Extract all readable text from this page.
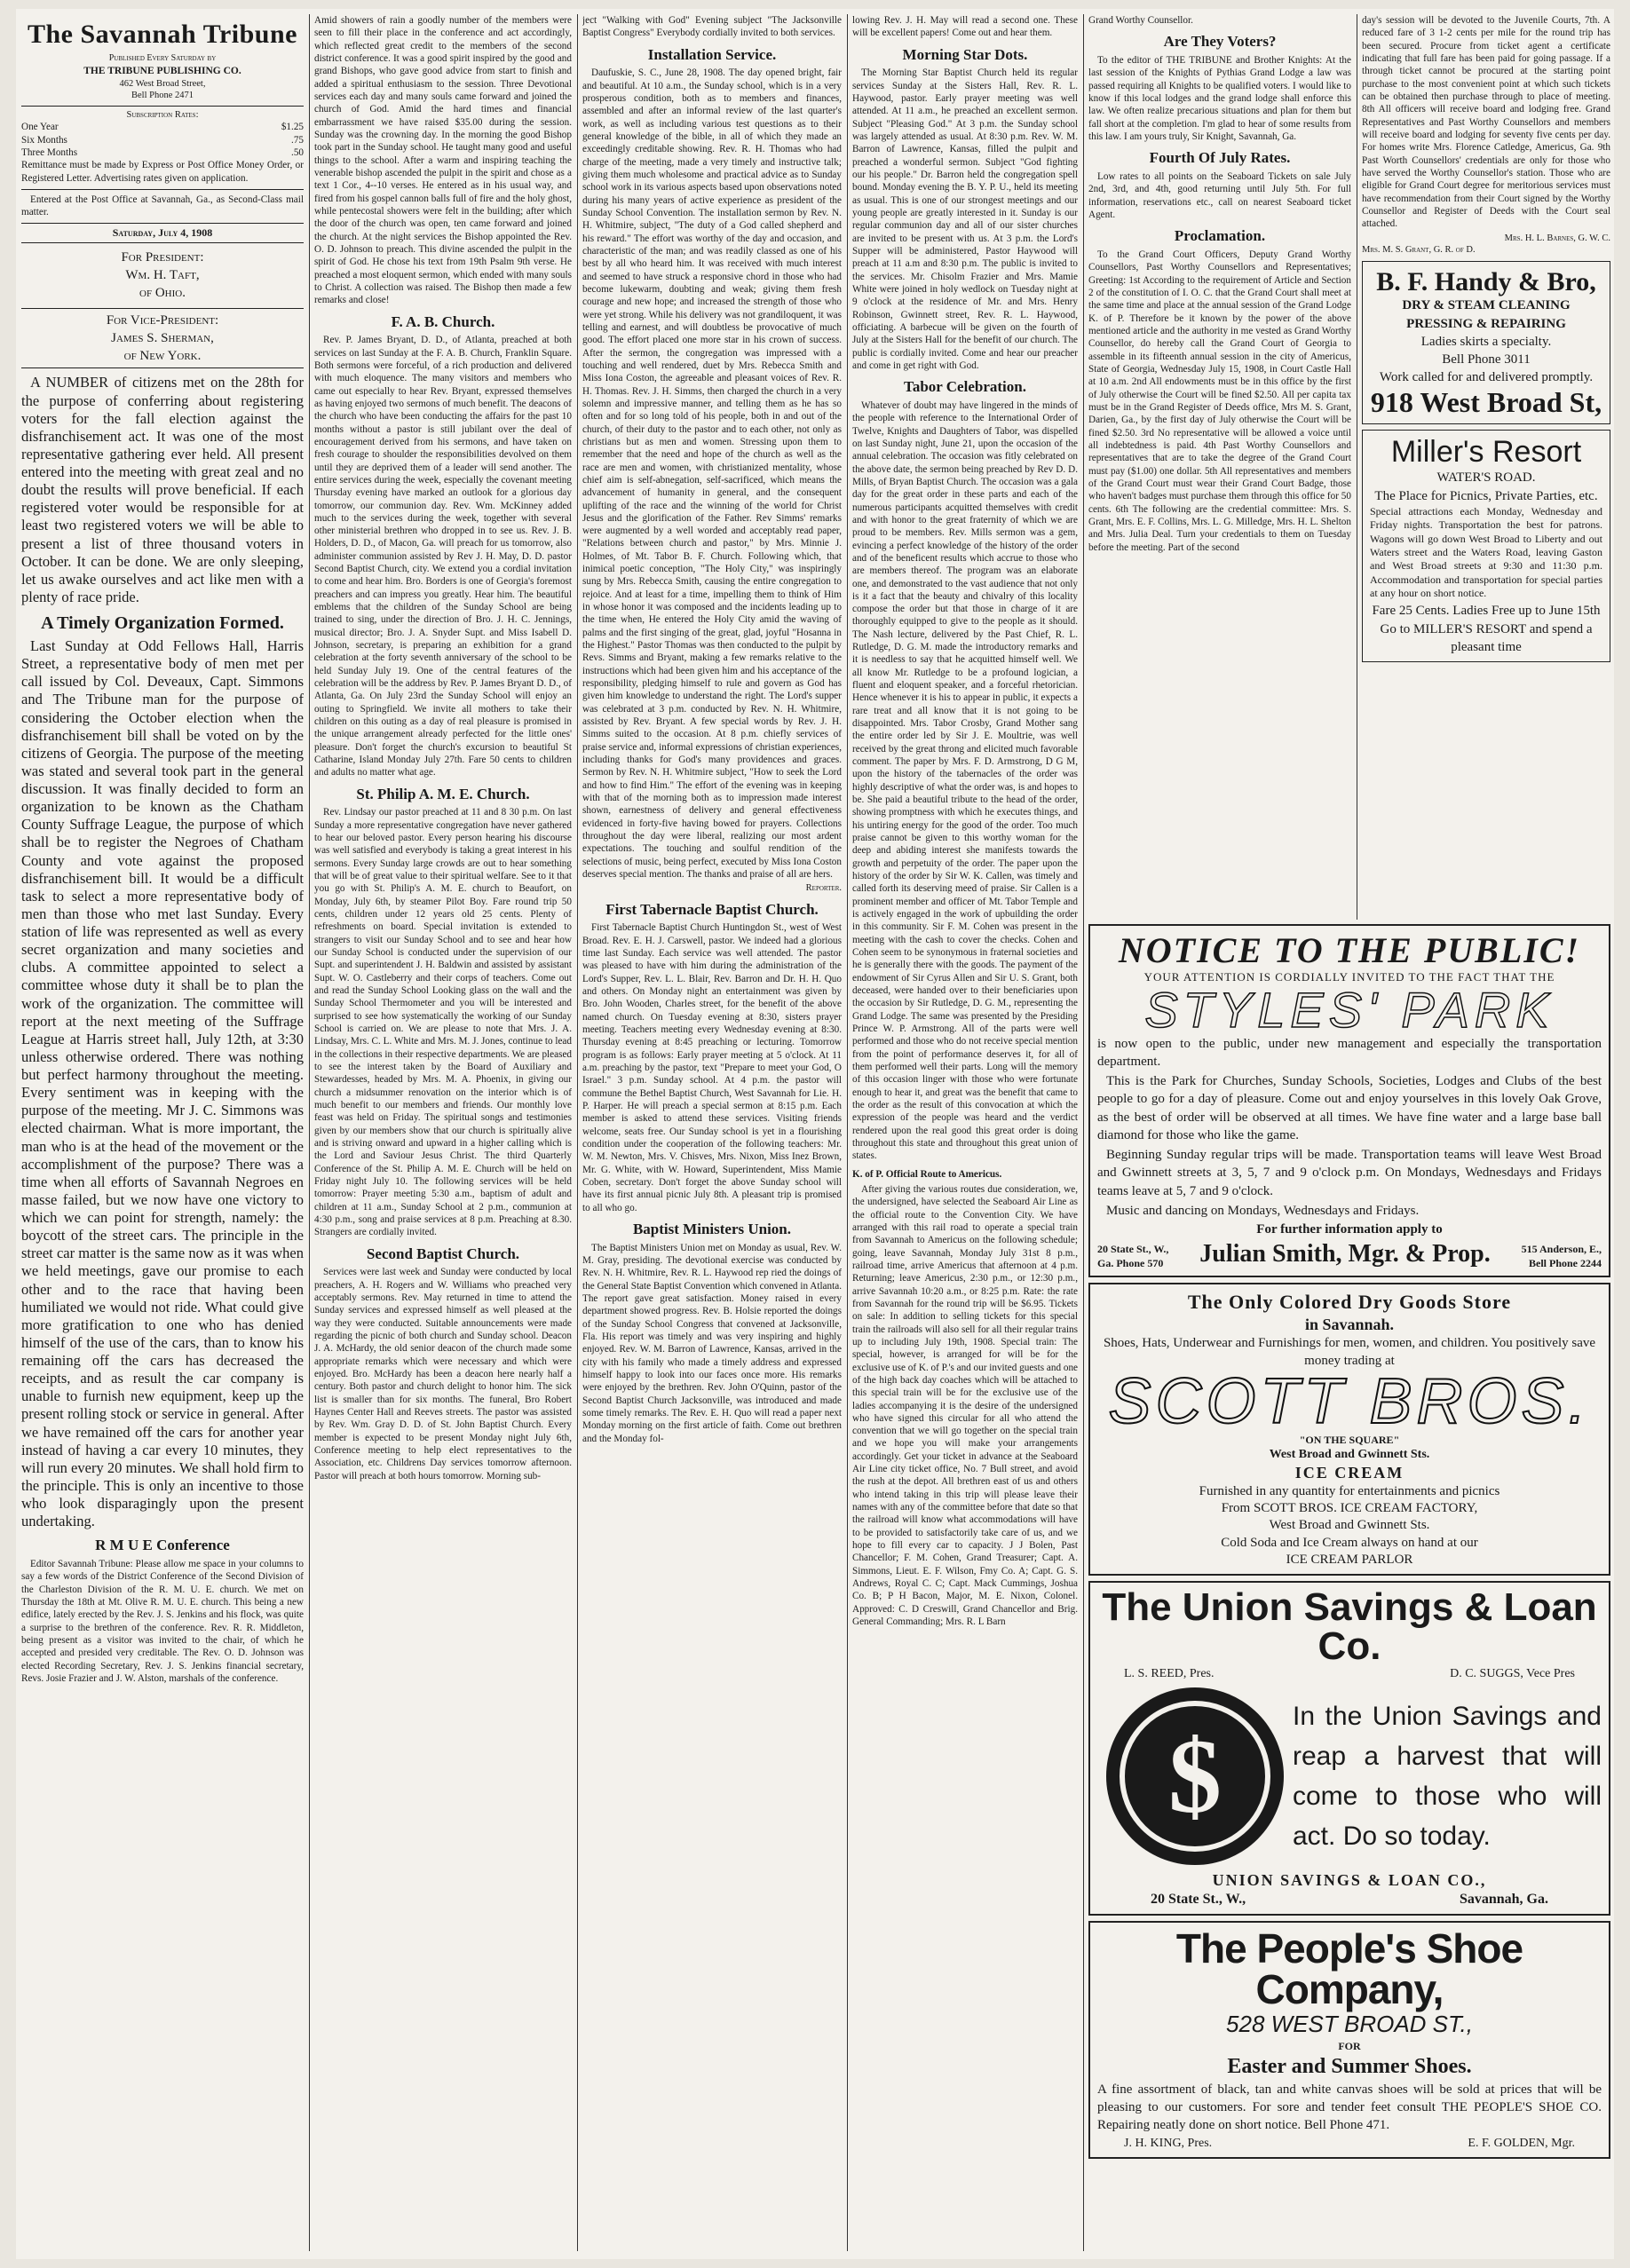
The Savannah Tribune
Published Every Saturday by
THE TRIBUNE PUBLISHING CO.
462 West Broad Street,
Bell Phone 2471
Subscription Rates:
One Year	$1.25
Six Months	.75
Three Months	.50

Remittance must be made by Express or Post Office Money Order, or Registered Letter. Advertising rates given on application.

Entered at the Post Office at Savannah, Ga., as Second-Class mail matter.

Saturday, July 4, 1908
For President:
Wm. H. Taft,
of Ohio.
For Vice-President:
James S. Sherman,
of New York.

A NUMBER of citizens met on the 28th for the purpose of conferring about registering voters for the fall election against the disfranchisement act. It was one of the most representative gathering ever held. All present entered into the meeting with great zeal and no doubt the results will prove beneficial. If each registered voter would be responsible for at least two registered voters we will be able to present a list of three thousand voters in October. It can be done. We are only sleeping, let us awake ourselves and act like men with a plenty of race pride.

A Timely Organization Formed.

Last Sunday at Odd Fellows Hall, Harris Street, a representative body of men met per call issued by Col. Deveaux, Capt. Simmons and The Tribune man for the purpose of considering the October election when the disfranchisement bill shall be voted on by the citizens of Georgia. The purpose of the meeting was stated and several took part in the general discussion. It was finally decided to form an organization to be known as the Chatham County Suffrage League, the purpose of which shall be to register the Negroes of Chatham County and vote against the proposed disfranchisement bill. It would be a difficult task to select a more representative body of men than those who met last Sunday. Every station of life was represented as well as every secret organization and many societies and clubs. A committee appointed to select a committee whose duty it shall be to plan the work of the organization. The committee will report at the next meeting of the Suffrage League at Harris street hall, July 12th, at 3:30 unless otherwise ordered. There was nothing but perfect harmony throughout the meeting. Every sentiment was in keeping with the purpose of the meeting. Mr J. C. Simmons was elected chairman. What is more important, the man who is at the head of the movement or the accomplishment of the purpose? There was a time when all efforts of Savannah Negroes en masse failed, but we now have one victory to which we can point for strength, namely: the boycott of the street cars. The principle in the street car matter is the same now as it was when we held meetings, gave our promise to each other and to the race that having been humiliated we would not ride. What could give more gratification to one who has denied himself of the use of the cars, than to know his remaining off the cars has decreased the receipts, and as result the car company is unable to furnish new equipment, keep up the present rolling stock or service in general. After we have remained off the cars for another year instead of having a car every 10 minutes, they will run every 20 minutes. We shall hold firm to the principle. This is only an incentive to those who look disparagingly upon the present undertaking.

R M U E Conference

Editor Savannah Tribune: Please allow me space in your columns to say a few words of the District Conference of the Second Division of the Charleston Division of the R. M. U. E. church. We met on Thursday the 18th at Mt. Olive R. M. U. E. church. This being a new edifice, lately erected by the Rev. J. S. Jenkins and his flock, was quite a surprise to the brethren of the conference. Rev. R. R. Middleton, being present as a visitor was invited to the chair, of which he accepted and presided very creditable. The Rev. O. D. Johnson was elected Recording Secretary, Rev. J. S. Jenkins financial secretary, Revs. Josie Frazier and J. W. Alston, marshals of the conference.

Amid showers of rain a goodly number of the members were seen to fill their place in the conference and act accordingly, which reflected great credit to the members of the second district conference. It was a good spirit inspired by the good and grand Bishops, who gave good advice from start to finish and added a spiritual enthusiasm to the session. Three Devotional services each day and many souls came forward and joined the church of God. Amid the hard times and financial embarrassment we have raised $35.00 during the session. Sunday was the crowning day. In the morning the good Bishop took part in the Sunday school. He taught many good and useful things to the school. After a warm and inspiring teaching the venerable bishop ascended the pulpit in the spirit and chose as a text 1 Cor., 4--10 verses. He entered as in his usual way, and fired from his gospel cannon balls full of fire and the holy ghost, while pentecostal showers were felt in the building; after which the door of the church was open, ten came forward and joined the church. At the night services the Bishop appointed the Rev. O. D. Johnson to preach. This divine ascended the pulpit in the spirit of God. He chose his text from 19th Psalm 9th verse. He preached a most eloquent sermon, which ended with many souls to Christ. A collection was raised. The Bishop then made a few remarks and close!

F. A. B. Church.

Rev. P. James Bryant, D. D., of Atlanta, preached at both services on last Sunday at the F. A. B. Church, Franklin Square. Both sermons were forceful, of a rich production and delivered with much eloquence. The many visitors and members who came out especially to hear Rev. Bryant, expressed themselves as having enjoyed two sermons of much benefit. The deacons of the church who have been conducting the affairs for the past 10 months without a pastor is still jubilant over the deal of encouragement derived from his sermons, and have taken on fresh courage to shoulder the responsibilities devolved on them until they are deprived them of a leader will send another. The entire services during the week, especially the covenant meeting Thursday evening have marked an outlook for a glorious day tomorrow, our communion day. Rev. Wm. McKinney added much to the services during the week, together with several other ministerial brethren who dropped in to see us. Rev. J. B. Holders, D. D., of Macon, Ga. will preach for us tomorrow, also administer communion assisted by Rev J. H. May, D. D. pastor Second Baptist Church, city. We extend you a cordial invitation to come and hear him. Bro. Borders is one of Georgia's foremost preachers and can impress you greatly. Hear him. The beautiful emblems that the children of the Sunday School are being trained to sing, under the direction of Bro. J. H. C. Jennings, musical director; Bro. J. A. Snyder Supt. and Miss Isabell D. Johnson, secretary, is preparing an exhibition for a grand celebration at the forty seventh anniversary of the school to be held Sunday July 19. One of the central features of the celebration will be the address by Rev. P. James Bryant D. D., of Atlanta, Ga. On July 23rd the Sunday School will enjoy an outing to Springfield. We invite all mothers to take their children on this outing as a day of real pleasure is promised in the unique arrangement already perfected for the little ones' pleasure. Don't forget the church's excursion to beautiful St Catharine, Island Monday July 27th. Fare 50 cents to children and adults no matter what age.

St. Philip A. M. E. Church.

Rev. Lindsay our pastor preached at 11 and 8 30 p.m. On last Sunday a more representative congregation have never gathered to hear our beloved pastor. Every person hearing his discourse was well satisfied and everybody is taking a great interest in his sermons. Every Sunday large crowds are out to hear something that will be of great value to their spiritual welfare. See to it that you go with St. Philip's A. M. E. church to Beaufort, on Monday, July 6th, by steamer Pilot Boy. Fare round trip 50 cents, children under 12 years old 25 cents. Plenty of refreshments on board. Special invitation is extended to strangers to visit our Sunday School and to see and hear how our Sunday School is conducted under the supervision of our Supt. and superintendent J. H. Baldwin and assisted by assistant Supt. W. O. Castleberry and their corps of teachers. Come out and read the Sunday School Looking glass on the wall and the Sunday School Thermometer and you will be interested and surprised to see how systematically the working of our Sunday School is carried on. We are please to note that Mrs. J. A. Lindsay, Mrs. C. L. White and Mrs. M. J. Jones, continue to lead in the collections in their respective departments. We are pleased to see the interest taken by the Board of Auxiliary and Stewardesses, headed by Mrs. M. A. Phoenix, in giving our church a midsummer renovation on the interior which is of much benefit to our members and friends. Our monthly love feast was held on Friday. The spiritual songs and testimonies given by our members show that our church is spiritually alive and is striving onward and upward in a higher calling which is the Lord and Saviour Jesus Christ. The third Quarterly Conference of the St. Philip A. M. E. Church will be held on Friday night July 10. The following services will be held tomorrow: Prayer meeting 5:30 a.m., baptism of adult and children at 11 a.m., Sunday School at 2 p.m., communion at 4:30 p.m., song and praise services at 8 p.m. Preaching at 8.30. Strangers are cordially invited.

Second Baptist Church.

Services were last week and Sunday were conducted by local preachers, A. H. Rogers and W. Williams who preached very acceptably sermons. Rev. May returned in time to attend the Sunday services and expressed himself as well pleased at the way they were conducted. Suitable announcements were made regarding the picnic of both church and Sunday school. Deacon J. A. McHardy, the old senior deacon of the church made some appropriate remarks which were necessary and which were enjoyed. Bro. McHardy has been a deacon here nearly half a century. Both pastor and church delight to honor him. The sick list is smaller than for six months. The funeral, Bro Robert Haynes Center Hall and Reeves streets. The pastor was assisted by Rev. Wm. Gray D. D. of St. John Baptist Church. Every member is expected to be present Monday night July 6th, Conference meeting to help elect representatives to the Association, etc. Childrens Day services tomorrow afternoon. Pastor will preach at both hours tomorrow. Morning sub-

ject "Walking with God" Evening subject "The Jacksonville Baptist Congress" Everybody cordially invited to both services.

Installation Service.

Daufuskie, S. C., June 28, 1908. The day opened bright, fair and beautiful. At 10 a.m., the Sunday school, which is in a very prosperous condition, both as to members and finances, assembled and after an informal review of the last quarter's work, as well as including various test questions as to their general knowledge of the bible, in all of which they made an exceedingly creditable showing. Rev. R. H. Thomas who had charge of the meeting, made a very timely and instructive talk; giving them much wholesome and practical advice as to Sunday school work in its various aspects based upon observations noted during his many years of active experience as president of the Sunday School Convention. The installation sermon by Rev. N. H. Whitmire, subject, "The duty of a God called shepherd and his reward." The effort was worthy of the day and occasion, and characteristic of the man; and was readily classed as one of his best by all who heard him. It was received with much interest and seemed to have struck a responsive chord in those who had become lukewarm, doubting and weak; giving them fresh courage and new hope; and increased the strength of those who were yet strong. While his delivery was not grandiloquent, it was telling and earnest, and will doubtless be provocative of much good. The effort placed one more star in his crown of success. After the sermon, the congregation was impressed with a touching and well rendered, duet by Mrs. Rebecca Smith and Miss Iona Coston, the agreeable and pleasant voices of Rev. R. H. Thomas. Rev. J. H. Simms, then charged the church in a very solemn and impressive manner, and telling them as he has so often and for so long told of his people, both in and out of the church, of their duty to the pastor and to each other, not only as christians but as men and women. Stressing upon them to remember that the need and hope of the church as well as the race are men and women, with christianized mentality, whose chief aim is self-abnegation, self-sacrificed, which means the advancement of humanity in general, and the consequent uplifting of the race and the winning of the world for Christ Jesus and the glorification of the Father. Rev Simms' remarks were augmented by a well worded and acceptably read paper, "Relations between church and pastor," by Mrs. Minnie J. Holmes, of Mt. Tabor B. F. Church. Following which, that inimical poetic conception, "The Holy City," was inspiringly sung by Mrs. Rebecca Smith, causing the entire congregation to rejoice. And at least for a time, impelling them to think of Him in whose honor it was composed and the incidents leading up to the time when, He entered the Holy City amid the waving of palms and the first singing of the great, glad, joyful "Hosanna in the Highest." Pastor Thomas was then conducted to the pulpit by Revs. Simms and Bryant, making a few remarks relative to the instructions which had been given him and his acceptance of the responsibility, pledging himself to rule and govern as God has given him knowledge to understand the right. The Lord's supper was celebrated at 3 p.m. conducted by Rev. N. H. Whitmire, assisted by Rev. Bryant. A few special words by Rev. J. H. Simms suited to the occasion. At 8 p.m. chiefly services of praise service and, informal expressions of christian experiences, including thanks for God's many providences and graces. Sermon by Rev. N. H. Whitmire subject, "How to seek the Lord and how to find Him." The effort of the evening was in keeping with that of the morning both as to impression made interest shown, earnestness of delivery and general effectiveness evidenced in forty-five having bowed for prayers. Collections throughout the day were liberal, realizing our most ardent expectations. The touching and soulful rendition of the selections of music, being perfect, executed by Miss Iona Coston deserves special mention. The thanks and praise of all are hers.

Reporter.
First Tabernacle Baptist Church.

First Tabernacle Baptist Church Huntingdon St., west of West Broad. Rev. E. H. J. Carswell, pastor. We indeed had a glorious time last Sunday. Each service was well attended. The pastor was pleased to have with him during the administration of the Lord's Supper, Rev. L. L. Blair, Rev. Barron and Dr. H. H. Quo and others. On Monday night an entertainment was given by Bro. John Wooden, Charles street, for the benefit of the above named church. On Tuesday evening at 8:30, sisters prayer meeting. Teachers meeting every Wednesday evening at 8:30. Thursday evening at 8:45 preaching or lecturing. Tomorrow program is as follows: Early prayer meeting at 5 o'clock. At 11 a.m. preaching by the pastor, text "Prepare to meet your God, O Israel." 3 p.m. Sunday school. At 4 p.m. the pastor will commune the Bethel Baptist Church, West Savannah for Lie. H. P. Harper. He will preach a special sermon at 8:15 p.m. Each member is asked to attend these services. Visiting friends welcome, seats free. Our Sunday school is yet in a flourishing condition under the cooperation of the following teachers: Mr. W. M. Newton, Mrs. V. Chisves, Mrs. Nixon, Miss Inez Brown, Mr. G. White, with W. Howard, Superintendent, Miss Mamie Coben, secretary. Don't forget the above Sunday school will have its first annual picnic July 8th. A pleasant trip is promised to all who go.

Baptist Ministers Union.

The Baptist Ministers Union met on Monday as usual, Rev. W. M. Gray, presiding. The devotional exercise was conducted by Rev. N. H. Whitmire, Rev. R. L. Haywood rep ried the doings of the General State Baptist Convention which convened in Atlanta. The report gave great satisfaction. Money raised in every department showed progress. Rev. B. Holsie reported the doings of the Sunday School Congress that convened at Jacksonville, Fla. His report was timely and was very inspiring and highly enjoyed. Rev. W. M. Barron of Lawrence, Kansas, arrived in the city with his family who made a timely address and expressed himself happy to look into our faces once more. His remarks were enjoyed by the brethren. Rev. John O'Quinn, pastor of the Second Baptist Church Jacksonville, was introduced and made some timely remarks. The Rev. E. H. Quo will read a paper next Monday morning on the first article of faith. Come out brethren and the Monday fol-

lowing Rev. J. H. May will read a second one. These will be excellent papers! Come out and hear them.

Morning Star Dots.

The Morning Star Baptist Church held its regular services Sunday at the Sisters Hall, Rev. R. L. Haywood, pastor. Early prayer meeting was well attended. At 11 a.m., he preached an excellent sermon. Subject "Pleasing God." At 3 p.m. the Sunday school was largely attended as usual. At 8:30 p.m. Rev. W. M. Barron of Lawrence, Kansas, filled the pulpit and preached a wonderful sermon. Subject "God fighting our his people." Dr. Barron held the congregation spell bound. Monday evening the B. Y. P. U., held its meeting as usual. This is one of our strongest meetings and our young people are greatly interested in it. Sunday is our regular communion day and all of our sister churches are invited to be present with us. At 3 p.m. the Lord's Supper will be administered, Pastor Haywood will preach at 11 a.m and 8:30 p.m. The public is invited to the services. Mr. Chisolm Frazier and Mrs. Mamie White were joined in holy wedlock on Tuesday night at 9 o'clock at the residence of Mr. and Mrs. Henry Robinson, Gwinnett street, Rev. R. L. Haywood, officiating. A barbecue will be given on the fourth of July at the Sisters Hall for the benefit of our church. The public is cordially invited. Come and hear our preacher and come in get right with God.

Tabor Celebration.

Whatever of doubt may have lingered in the minds of the people with reference to the International Order of Twelve, Knights and Daughters of Tabor, was dispelled on last Sunday night, June 21, upon the occasion of the annual celebration. The occasion was fitly celebrated on the above date, the sermon being preached by Rev D. D. Mills, of Bryan Baptist Church. The occasion was a gala day for the great order in these parts and each of the numerous participants acquitted themselves with credit and with honor to the great fraternity of which we are proud to be members. Rev. Mills sermon was a gem, evincing a perfect knowledge of the history of the order and of the beneficent results which accrue to those who are members thereof. The program was an elaborate one, and demonstrated to the vast audience that not only is it a fact that the beauty and chivalry of this locality compose the order but that those in charge of it are thoroughly equipped to give to the people as it should. The Nash lecture, delivered by the Past Chief, R. L. Rutledge, D. G. M. made the introductory remarks and it is needless to say that he acquitted himself well. We all know Mr. Rutledge to be a profound logician, a fluent and eloquent speaker, and a forceful rhetorician. Hence whenever it is his to appear in public, it expects a rare treat and all know that it is not going to be disappointed. Mrs. Tabor Crosby, Grand Mother sang the entire order led by Sir J. E. Moultrie, was well received by the great throng and elicited much favorable comment. The paper by Mrs. F. D. Armstrong, D G M, upon the history of the tabernacles of the order was highly descriptive of what the order was, is and hopes to be. She paid a beautiful tribute to the head of the order, showing promptness with which he executes things, and his untiring energy for the good of the order. Too much praise cannot be given to this worthy woman for the deep and abiding interest she manifests towards the growth and perpetuity of the order. The paper upon the history of the order by Sir W. K. Callen, was timely and called forth its deserving meed of praise. Sir Callen is a prominent member and officer of Mt. Tabor Temple and is actively engaged in the work of upbuilding the order in this community. Sir F. M. Cohen was present in the meeting with the cash to cover the checks. Cohen and Cohen seem to be synonymous in fraternal societies and he is generally there with the goods. The payment of the endowment of Sir Cyrus Allen and Sir U. S. Grant, both deceased, were handed over to their beneficiaries upon the occasion by Sir Rutledge, D. G. M., representing the Grand Lodge. The same was presented by the Presiding Prince W. P. Armstrong. All of the parts were well performed and those who do not receive special mention from the point of performance deserves it, for all of them performed well their parts. Long will the memory of this occasion linger with those who were fortunate enough to hear it, and great was the benefit that came to the order as the result of this convocation at which the expression of the people was heard and the verdict rendered upon the real good this great order is doing throughout this state and throughout this great union of states.

K. of P. Official Route to Americus.

After giving the various routes due consideration, we, the undersigned, have selected the Seaboard Air Line as the official route to the Convention City. We have arranged with this rail road to operate a special train from Savannah to Americus on the following schedule; going, leave Savannah, Monday July 31st 8 p.m., railroad time, arrive Americus that afternoon at 4 p.m. Returning; leave Americus, 2:30 p.m., or 12:30 p.m., arrive Savannah 10:20 a.m., or 8:25 p.m. Rate: the rate from Savannah for the round trip will be $6.95. Tickets on sale: In addition to selling tickets for this special train the railroads will also sell for all their regular trains up to including July 19th, 1908. Special train: The special, however, is arranged for will be for the exclusive use of K. of P.'s and our invited guests and one of the high back day coaches which will be attached to this special train will be for the exclusive use of the ladies accompanying it is the desire of the undersigned who have signed this circular for all who attend the convention that we will go together on the special train and we hope you will make your arrangements accordingly. Get your ticket in advance at the Seaboard Air Line city ticket office, No. 7 Bull street, and avoid the rush at the depot. All brethren east of us and others who intend taking in this trip will please leave their names with any of the committee before that date so that the railroad will know what accommodations will have to be provided to satisfactorily take care of us, and we hope to fill every car to capacity. J J Bolen, Past Chancellor; F. M. Cohen, Grand Treasurer; Capt. A. Simmons, Lieut. E. F. Wilson, Fmy Co. A; Capt. G. S. Andrews, Royal C. C; Capt. Mack Cummings, Joshua Co. B; P H Bacon, Major, M. E. Nixon, Colonel. Approved: C. D Creswill, Grand Chancellor and Brig. General Commanding; Mrs. R. L Barn

Grand Worthy Counsellor.

Are They Voters?

To the editor of THE TRIBUNE and Brother Knights: At the last session of the Knights of Pythias Grand Lodge a law was passed requiring all Knights to be qualified voters. I would like to know if this local lodges and the grand lodge shall enforce this law. We often realize precarious situations and plan for them but fall short at the completion. I'm glad to hear of some results from this law. I am yours truly, Sir Knight, Savannah, Ga.

Fourth Of July Rates.

Low rates to all points on the Seaboard Tickets on sale July 2nd, 3rd, and 4th, good returning until July 5th. For full information, reservations etc., call on nearest Seaboard ticket Agent.

Proclamation.

To the Grand Court Officers, Deputy Grand Worthy Counsellors, Past Worthy Counsellors and Representatives; Greeting: 1st According to the requirement of Article and Section 2 of the constitution of I. O. C. that the Grand Court shall meet at the same time and place at the annual session of the Grand Lodge K. of P. Therefore be it known by the power of the above mentioned article and the authority in me vested as Grand Worthy Counsellor, do hereby call the Grand Court of Georgia to assemble in its fifteenth annual session in the city of Americus, State of Georgia, Wednesday July 15, 1908, in Court Castle Hall at 10 a.m. 2nd All endowments must be in this office by the first of July otherwise the Court will be fined $2.50. All per capita tax must be in the Grand Register of Deeds office, Mrs M. S. Grant, Darien, Ga., by the first day of July otherwise the Court will be fined $2.50. 3rd No representative will be allowed a voice until all indebtedness is paid. 4th Past Worthy Counsellors and representatives that are to take the degree of the Grand Court must pay ($1.00) one dollar. 5th All representatives and members of the Grand Court must wear their Grand Court Badge, those who haven't badges must purchase them through this office for 50 cents. 6th The following are the credential committee: Mrs. S. Grant, Mrs. E. F. Collins, Mrs. L. G. Milledge, Mrs. H. L. Shelton and Mrs. Julia Deal. Turn your credentials to them on Tuesday before the meeting. Part of the second

day's session will be devoted to the Juvenile Courts, 7th. A reduced fare of 3 1-2 cents per mile for the round trip has been secured. Procure from ticket agent a certificate indicating that full fare has been paid for going passage. If a through ticket cannot be procured at the starting point purchase to the most convenient point at which such tickets can be obtained then purchase through to place of meeting. 8th All officers will receive board and lodging free. Grand Representatives and Past Worthy Counsellors and members will receive board and lodging for seventy five cents per day. For homes write Mrs. Florence Catledge, Americus, Ga. 9th Past Worth Counsellors' credentials are only for those who have served the Worthy Counsellor's station. Those who are eligible for Grand Court degree for meritorious services must have recommendation from their Court signed by the Worthy Counsellor and Register of Deeds with the Court seal attached.

Mrs. H. L. Barnes, G. W. C.
Mrs. M. S. Grant, G. R. of D.
B. F. Handy & Bro,
DRY & STEAM CLEANING
PRESSING & REPAIRING
Ladies skirts a specialty.
Bell Phone 3011
Work called for and delivered promptly.
918 West Broad St,
Miller's Resort
WATER'S ROAD.
The Place for Picnics, Private Parties, etc.

Special attractions each Monday, Wednesday and Friday nights. Transportation the best for patrons. Wagons will go down West Broad to Liberty and out Waters street and the Waters Road, leaving Gaston and West Broad streets at 9:30 and 11:30 p.m. Accommodation and transportation for special parties at any hour on short notice.

Fare 25 Cents. Ladies Free up to June 15th
Go to MILLER'S RESORT and spend a pleasant time
NOTICE TO THE PUBLIC!
YOUR ATTENTION IS CORDIALLY INVITED TO THE FACT THAT THE
STYLES' PARK

is now open to the public, under new management and especially the transportation department.

This is the Park for Churches, Sunday Schools, Societies, Lodges and Clubs of the best people to go for a day of pleasure. Come out and enjoy yourselves in this lovely Oak Grove, as the best of order will be observed at all times. We have fine water and a large base ball diamond for those who like the game.

Beginning Sunday regular trips will be made. Transportation teams will leave West Broad and Gwinnett streets at 3, 5, 7 and 9 o'clock p.m. On Mondays, Wednesdays and Fridays teams leave at 5, 7 and 9 o'clock.

Music and dancing on Mondays, Wednesdays and Fridays.

For further information apply to
20 State St., W.,
Ga. Phone 570 Julian Smith, Mgr. & Prop.	515 Anderson, E.,
Bell Phone 2244
The Only Colored Dry Goods Store
in Savannah.
Shoes, Hats, Underwear and Furnishings for men, women, and children. You positively save money trading at
SCOTT BROS.
"ON THE SQUARE"
West Broad and Gwinnett Sts.
ICE CREAM
Furnished in any quantity for entertainments and picnics
From SCOTT BROS. ICE CREAM FACTORY,
West Broad and Gwinnett Sts.
Cold Soda and Ice Cream always on hand at our
ICE CREAM PARLOR
The Union Savings & Loan Co.
L. S. REED, Pres.	D. C. SUGGS, Vece Pres
$
In the Union Savings and reap a harvest that will come to those who will act. Do so today.
UNION SAVINGS & LOAN CO.,
20 State St., W.,	Savannah, Ga.
The People's Shoe Company,
528 WEST BROAD ST.,
FOR
Easter and Summer Shoes.

A fine assortment of black, tan and white canvas shoes will be sold at prices that will be pleasing to our customers. For sore and tender feet consult THE PEOPLE'S SHOE CO. Repairing neatly done on short notice. Bell Phone 471.

J. H. KING, Pres.	E. F. GOLDEN, Mgr.
